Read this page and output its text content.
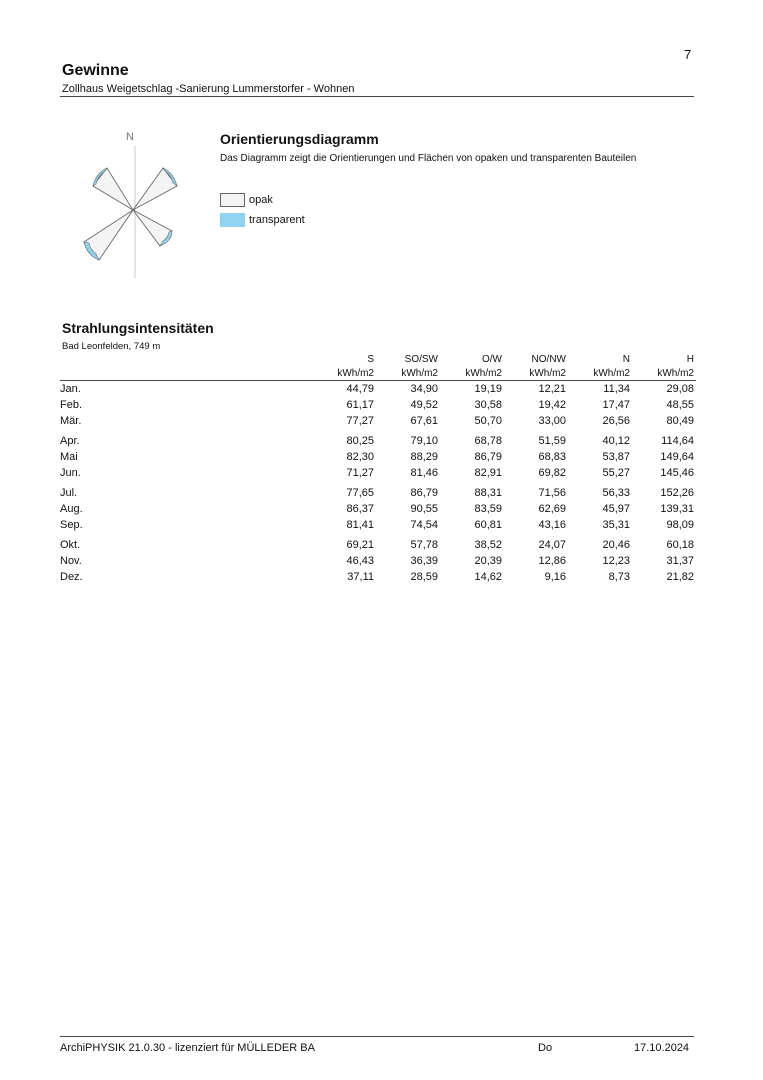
7
Gewinne
Zollhaus Weigetschlag -Sanierung Lummerstorfer - Wohnen
N	Orientierungsdiagramm
Das Diagramm zeigt die Orientierungen und Flächen von opaken und transparenten Bauteilen
opak
transparent
Strahlungsintensitäten
Bad Leonfelden, 749 m
	S	SO/SW	O/W	NO/NW	N	H
	kWh/m2	kWh/m2	kWh/m2	kWh/m2	kWh/m2	kWh/m2
Jan.	44,79	34,90	19,19	12,21	11,34	29,08
Feb.	61,17	49,52	30,58	19,42	17,47	48,55
Mär.	77,27	67,61	50,70	33,00	26,56	80,49
Apr.	80,25	79,10	68,78	51,59	40,12	114,64
Mai	82,30	88,29	86,79	68,83	53,87	149,64
Jun.	71,27	81,46	82,91	69,82	55,27	145,46
Jul.	77,65	86,79	88,31	71,56	56,33	152,26
Aug.	86,37	90,55	83,59	62,69	45,97	139,31
Sep.	81,41	74,54	60,81	43,16	35,31	98,09
Okt.	69,21	57,78	38,52	24,07	20,46	60,18
Nov.	46,43	36,39	20,39	12,86	12,23	31,37
Dez.	37,11	28,59	14,62	9,16	8,73	21,82
ArchiPHYSIK 21.0.30 - lizenziert für MÜLLEDER BA	Do	17.10.2024
